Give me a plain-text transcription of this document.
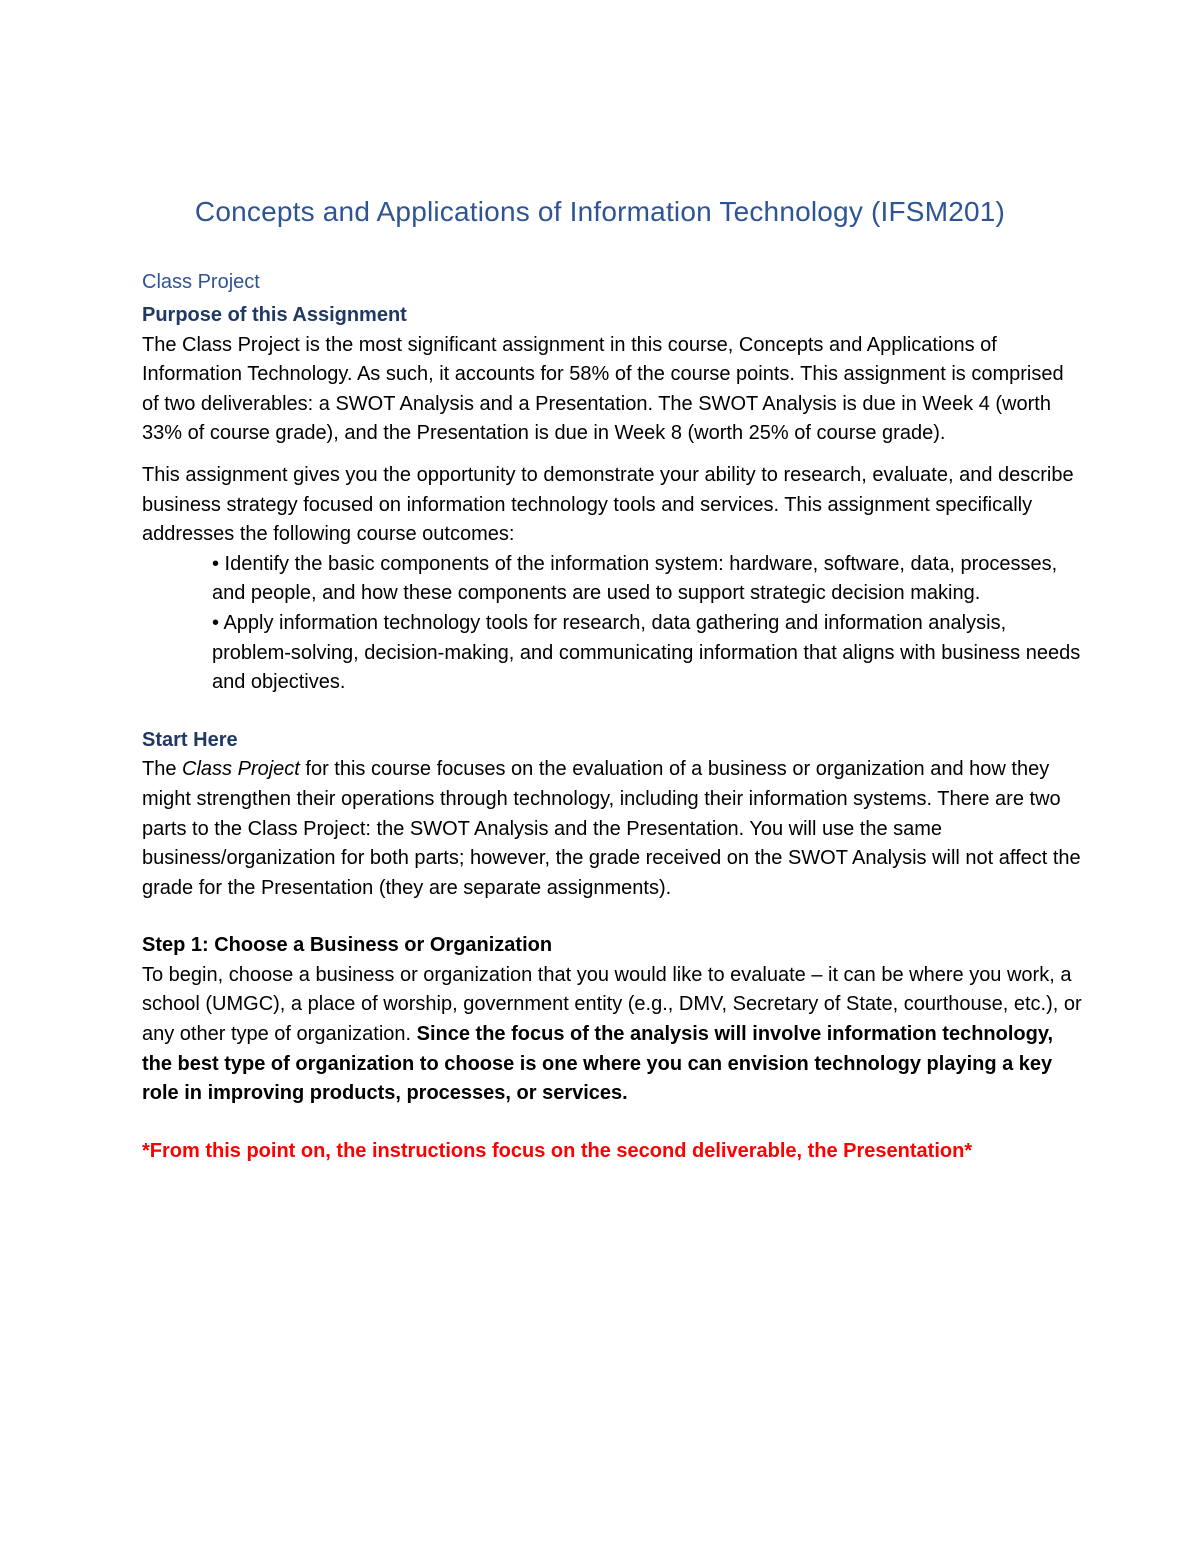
Concepts and Applications of Information Technology (IFSM201)
Class Project
Purpose of this Assignment

The Class Project is the most significant assignment in this course, Concepts and Applications of Information Technology. As such, it accounts for 58% of the course points. This assignment is comprised of two deliverables: a SWOT Analysis and a Presentation. The SWOT Analysis is due in Week 4 (worth 33% of course grade), and the Presentation is due in Week 8 (worth 25% of course grade).

This assignment gives you the opportunity to demonstrate your ability to research, evaluate, and describe business strategy focused on information technology tools and services. This assignment specifically addresses the following course outcomes:

• Identify the basic components of the information system: hardware, software, data, processes, and people, and how these components are used to support strategic decision making.
• Apply information technology tools for research, data gathering and information analysis, problem-solving, decision-making, and communicating information that aligns with business needs and objectives.
Start Here

The Class Project for this course focuses on the evaluation of a business or organization and how they might strengthen their operations through technology, including their information systems. There are two parts to the Class Project: the SWOT Analysis and the Presentation. You will use the same business/organization for both parts; however, the grade received on the SWOT Analysis will not affect the grade for the Presentation (they are separate assignments).

Step 1: Choose a Business or Organization

To begin, choose a business or organization that you would like to evaluate – it can be where you work, a school (UMGC), a place of worship, government entity (e.g., DMV, Secretary of State, courthouse, etc.), or any other type of organization. Since the focus of the analysis will involve information technology, the best type of organization to choose is one where you can envision technology playing a key role in improving products, processes, or services.

*From this point on, the instructions focus on the second deliverable, the Presentation*
